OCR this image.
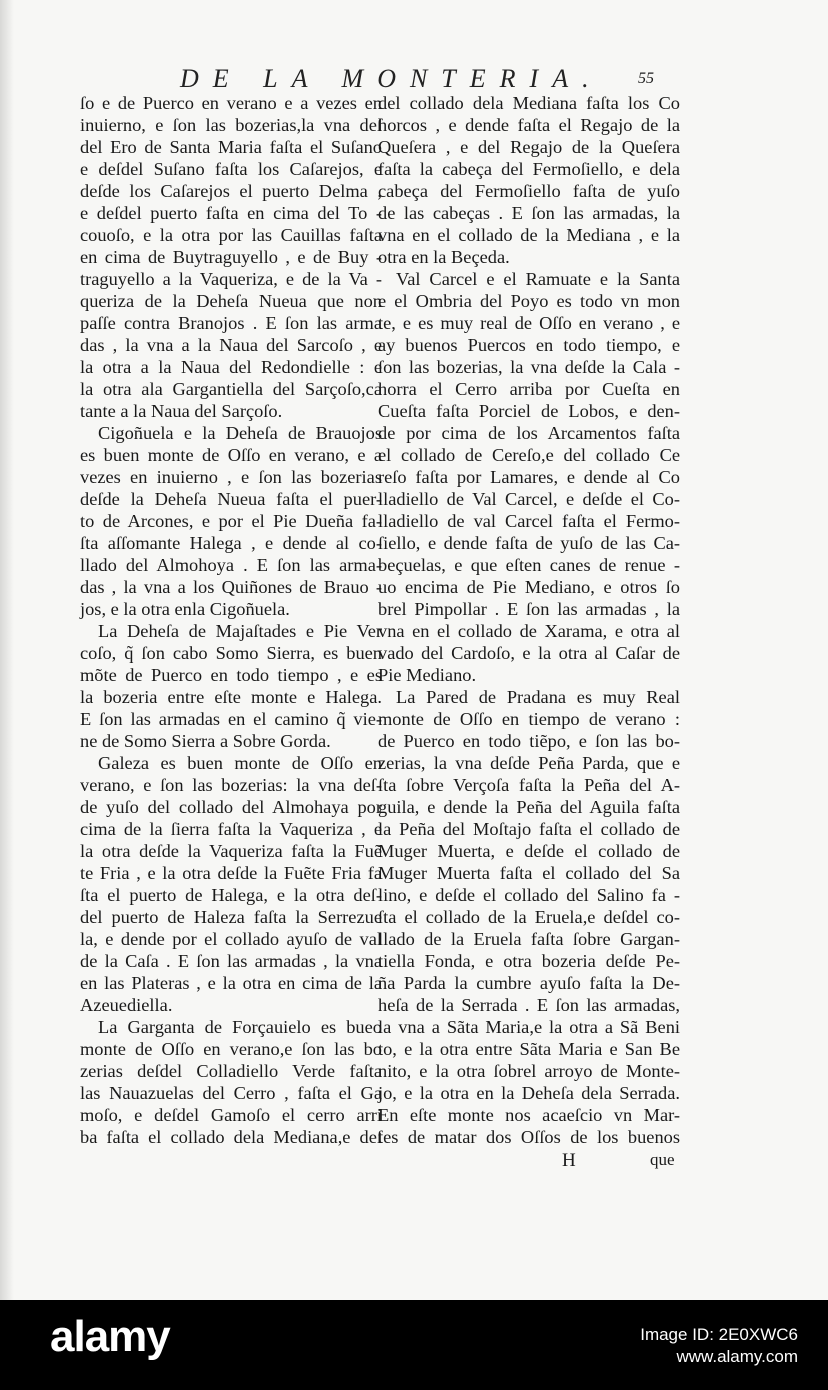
DE LA MONTERIA. 55
ſo e de Puerco en verano e a vezes en
inuierno, e ſon las bozerias,la vna deſ
del Ero de Santa Maria faſta el Suſano
e deſdel Suſano faſta los Caſarejos, e
deſde los Caſarejos el puerto Delma ,
e deſdel puerto faſta en cima del To -
couoſo, e la otra por las Cauillas faſta
en cima de Buytraguyello , e de Buy -
traguyello a la Vaqueriza, e de la Va -
queriza de la Deheſa Nueua que non
paſſe contra Branojos . E ſon las arma
das , la vna a la Naua del Sarcoſo , e
la otra a la Naua del Redondielle : e
la otra ala Gargantiella del Sarçoſo,ca
tante a la Naua del Sarçoſo.
Cigoñuela e la Deheſa de Brauojos
es buen monte de Oſſo en verano, e a
vezes en inuierno , e ſon las bozerias
deſde la Deheſa Nueua faſta el puer-
to de Arcones, e por el Pie Dueña fa-
ſta aſſomante Halega , e dende al co-
llado del Almohoya . E ſon las arma-
das , la vna a los Quiñones de Brauo -
jos, e la otra enla Cigoñuela.
La Deheſa de Majaſtades e Pie Ver
coſo, q̃ ſon cabo Somo Sierra, es buen
mõte de Puerco en todo tiempo , e es
la bozeria entre eſte monte e Halega.
E ſon las armadas en el camino q̃ vie-
ne de Somo Sierra a Sobre Gorda.
Galeza es buen monte de Oſſo en
verano, e ſon las bozerias: la vna deſ-
de yuſo del collado del Almohaya por
cima de la ſierra faſta la Vaqueriza , e
la otra deſde la Vaqueriza faſta la Fuẽ
te Fria , e la otra deſde la Fuẽte Fria fa
ſta el puerto de Halega, e la otra deſ-
del puerto de Haleza faſta la Serrezue
la, e dende por el collado ayuſo de val
de la Caſa . E ſon las armadas , la vna
en las Plateras , e la otra en cima de la
Azeuediella.
La Garganta de Forçauielo es bueo
monte de Oſſo en verano,e ſon las bo
zerias deſdel Colladiello Verde faſta
las Nauazuelas del Cerro , faſta el Ga
moſo, e deſdel Gamoſo el cerro arri
ba faſta el collado dela Mediana,e deſ
del collado dela Mediana faſta los Co
horcos , e dende faſta el Regajo de la
Queſera , e del Regajo de la Queſera
faſta la cabeça del Fermoſiello, e dela
cabeça del Fermoſiello faſta de yuſo
de las cabeças . E ſon las armadas, la
vna en el collado de la Mediana , e la
otra en la Beçeda.
Val Carcel e el Ramuate e la Santa
e el Ombria del Poyo es todo vn mon
te, e es muy real de Oſſo en verano , e
ay buenos Puercos en todo tiempo, e
ſon las bozerias, la vna deſde la Cala -
horra el Cerro arriba por Cueſta en
Cueſta faſta Porciel de Lobos, e den-
de por cima de los Arcamentos faſta
el collado de Cereſo,e del collado Ce
reſo faſta por Lamares, e dende al Co
lladiello de Val Carcel, e deſde el Co-
lladiello de val Carcel faſta el Fermo-
ſiello, e dende faſta de yuſo de las Ca-
beçuelas, e que eſten canes de renue -
uo encima de Pie Mediano, e otros ſo
brel Pimpollar . E ſon las armadas , la
vna en el collado de Xarama, e otra al
vado del Cardoſo, e la otra al Caſar de
Pie Mediano.
La Pared de Pradana es muy Real
monte de Oſſo en tiempo de verano :
de Puerco en todo tiẽpo, e ſon las bo-
zerias, la vna deſde Peña Parda, que e
ſta ſobre Verçoſa faſta la Peña del A-
guila, e dende la Peña del Aguila faſta
la Peña del Moſtajo faſta el collado de
Muger Muerta, e deſde el collado de
Muger Muerta faſta el collado del Sa
lino, e deſde el collado del Salino fa -
ſta el collado de la Eruela,e deſdel co-
llado de la Eruela faſta ſobre Gargan-
tiella Fonda, e otra bozeria deſde Pe-
ña Parda la cumbre ayuſo faſta la De-
heſa de la Serrada . E ſon las armadas,
la vna a Sãta Maria,e la otra a Sã Beni
to, e la otra entre Sãta Maria e San Be
nito, e la otra ſobrel arroyo de Monte-
jo, e la otra en la Deheſa dela Serrada.
En eſte monte nos acaeſcio vn Mar-
tes de matar dos Oſſos de los buenos
H	que
alamy	Image ID: 2E0XWC6
www.alamy.com
